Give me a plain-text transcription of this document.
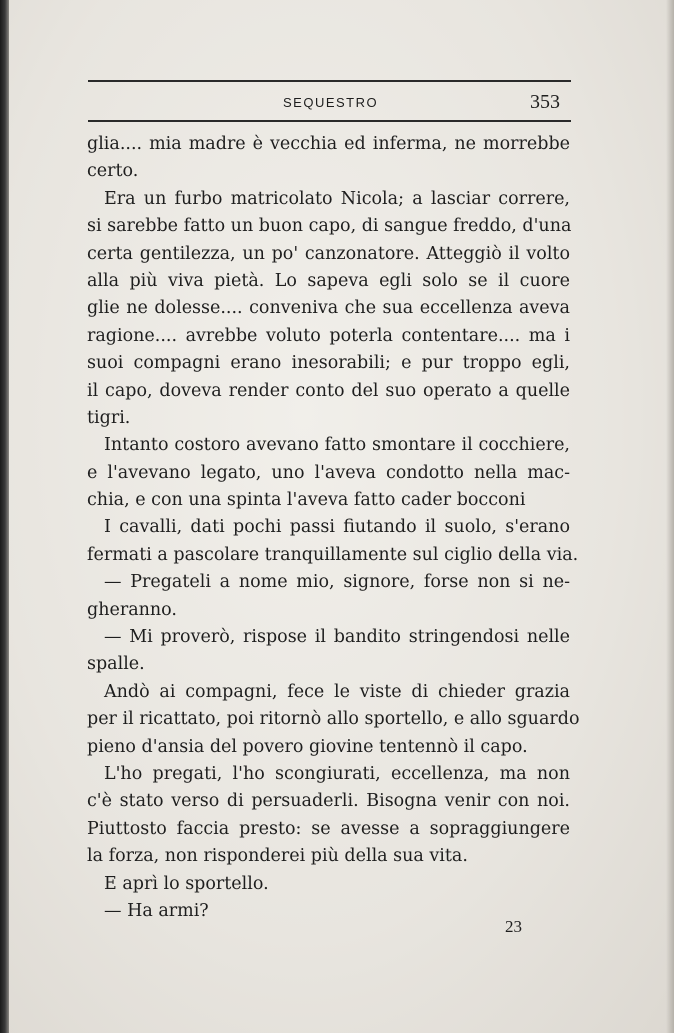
SEQUESTRO	353
glia.... mia madre è vecchia ed inferma, ne morrebbe
certo.
Era un furbo matricolato Nicola; a lasciar correre,
si sarebbe fatto un buon capo, di sangue freddo, d'una
certa gentilezza, un po' canzonatore. Atteggiò il volto
alla più viva pietà. Lo sapeva egli solo se il cuore
glie ne dolesse.... conveniva che sua eccellenza aveva
ragione.... avrebbe voluto poterla contentare.... ma i
suoi compagni erano inesorabili; e pur troppo egli,
il capo, doveva render conto del suo operato a quelle
tigri.
Intanto costoro avevano fatto smontare il cocchiere,
e l'avevano legato, uno l'aveva condotto nella mac-
chia, e con una spinta l'aveva fatto cader bocconi
I cavalli, dati pochi passi fiutando il suolo, s'erano
fermati a pascolare tranquillamente sul ciglio della via.
— Pregateli a nome mio, signore, forse non si ne-
gheranno.
— Mi proverò, rispose il bandito stringendosi nelle
spalle.
Andò ai compagni, fece le viste di chieder grazia
per il ricattato, poi ritornò allo sportello, e allo sguardo
pieno d'ansia del povero giovine tentennò il capo.
L'ho pregati, l'ho scongiurati, eccellenza, ma non
c'è stato verso di persuaderli. Bisogna venir con noi.
Piuttosto faccia presto: se avesse a sopraggiungere
la forza, non risponderei più della sua vita.
E aprì lo sportello.
— Ha armi?
23
